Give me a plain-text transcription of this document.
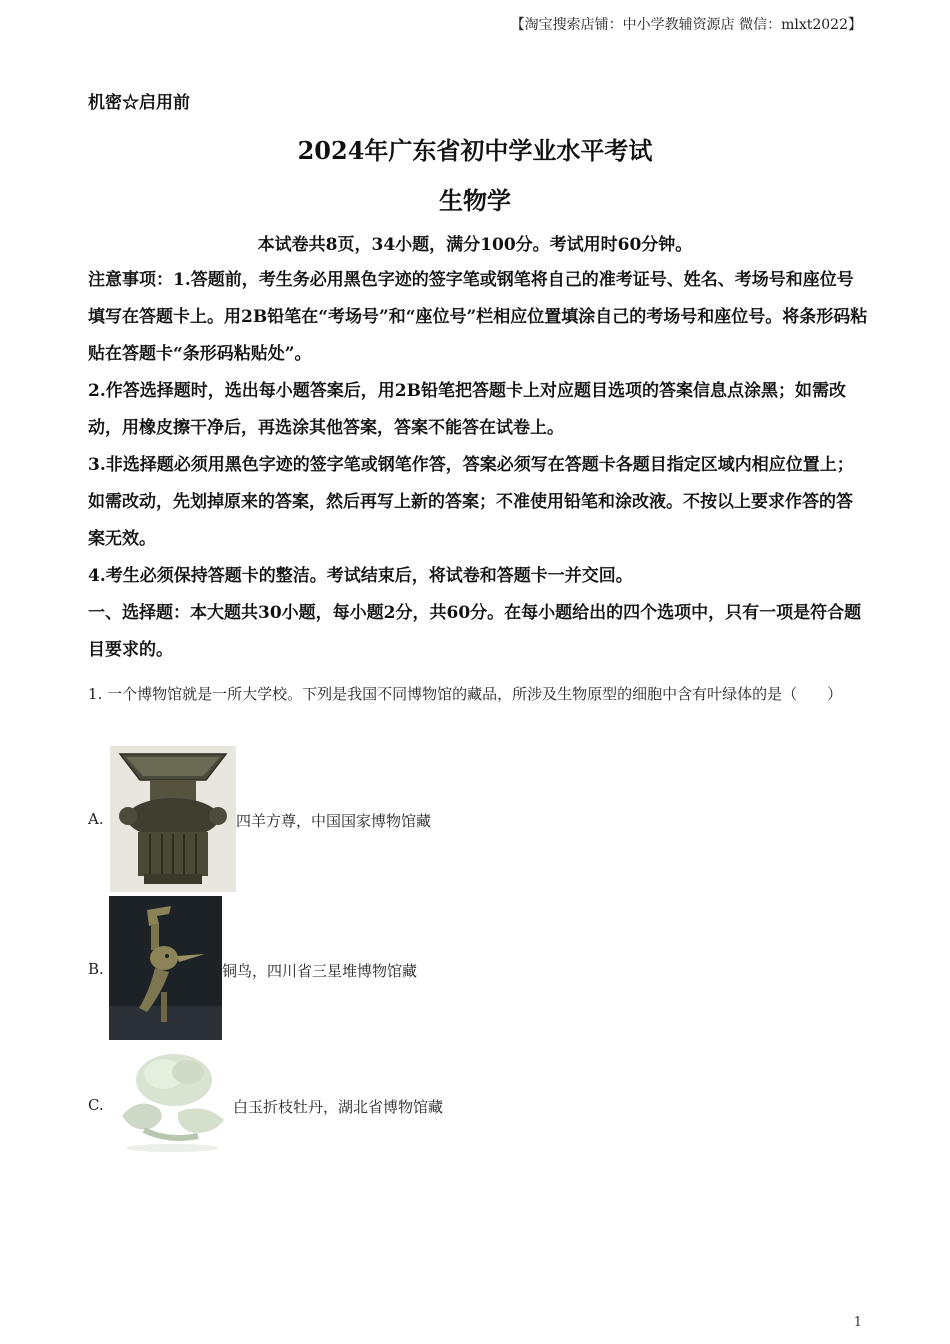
【淘宝搜索店铺：中小学教辅资源店 微信：mlxt2022】
机密☆启用前
2024年广东省初中学业水平考试
生物学
本试卷共8页，34小题，满分100分。考试用时60分钟。

注意事项：1.答题前，考生务必用黑色字迹的签字笔或钢笔将自己的准考证号、姓名、考场号和座位号填写在答题卡上。用2B铅笔在“考场号”和“座位号”栏相应位置填涂自己的考场号和座位号。将条形码粘贴在答题卡“条形码粘贴处”。

2.作答选择题时，选出每小题答案后，用2B铅笔把答题卡上对应题目选项的答案信息点涂黑；如需改动，用橡皮擦干净后，再选涂其他答案，答案不能答在试卷上。

3.非选择题必须用黑色字迹的签字笔或钢笔作答，答案必须写在答题卡各题目指定区域内相应位置上；如需改动，先划掉原来的答案，然后再写上新的答案；不准使用铅笔和涂改液。不按以上要求作答的答案无效。

4.考生必须保持答题卡的整洁。考试结束后，将试卷和答题卡一并交回。

一、选择题：本大题共30小题，每小题2分，共60分。在每小题给出的四个选项中，只有一项是符合题目要求的。

1. 一个博物馆就是一所大学校。下列是我国不同博物馆的藏品，所涉及生物原型的细胞中含有叶绿体的是（　　）
A.	四羊方尊，中国国家博物馆藏
B.	铜鸟，四川省三星堆博物馆藏
C.	白玉折枝牡丹，湖北省博物馆藏
1
